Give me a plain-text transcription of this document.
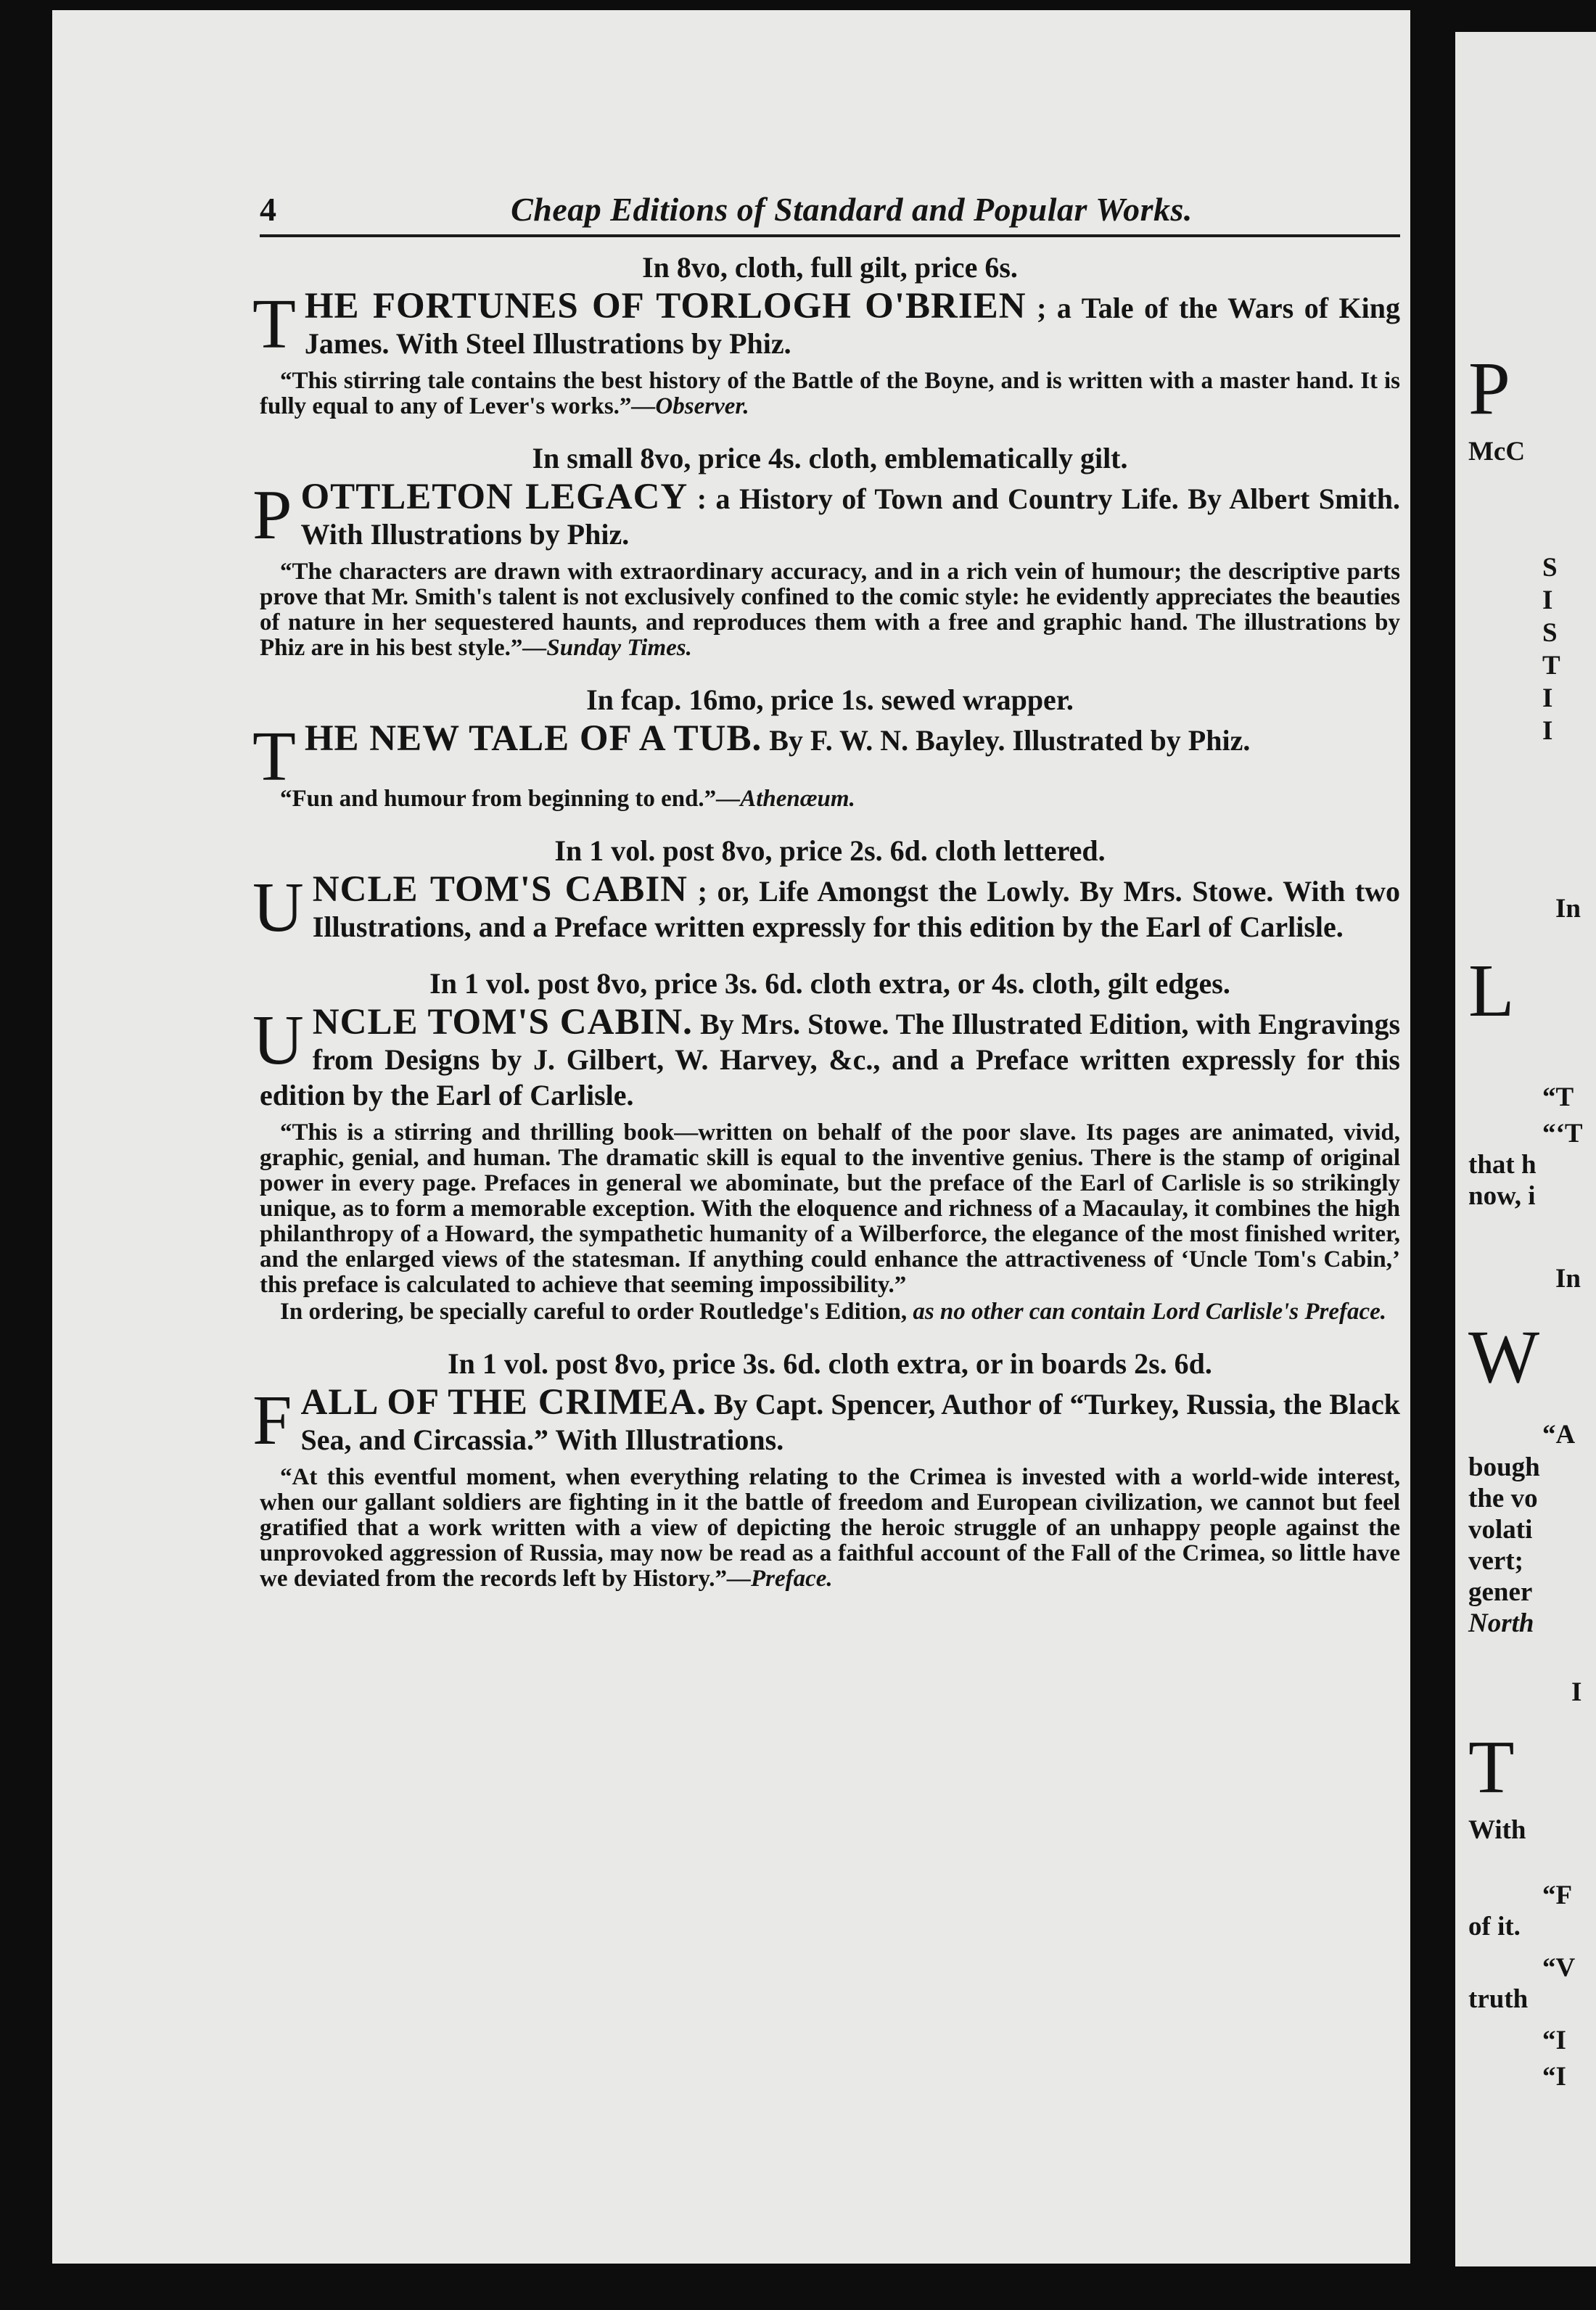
4	Cheap Editions of Standard and Popular Works.
In 8vo, cloth, full gilt, price 6s.
T HE FORTUNES OF TORLOGH O'BRIEN ; a Tale of the Wars of King James. With Steel Illustrations by Phiz.
“This stirring tale contains the best history of the Battle of the Boyne, and is written with a master hand. It is fully equal to any of Lever's works.”—Observer.
In small 8vo, price 4s. cloth, emblematically gilt.
P OTTLETON LEGACY : a History of Town and Country Life. By Albert Smith. With Illustrations by Phiz.
“The characters are drawn with extraordinary accuracy, and in a rich vein of humour; the descriptive parts prove that Mr. Smith's talent is not exclusively confined to the comic style: he evidently appreciates the beauties of nature in her sequestered haunts, and reproduces them with a free and graphic hand. The illustrations by Phiz are in his best style.”—Sunday Times.
In fcap. 16mo, price 1s. sewed wrapper.
T HE NEW TALE OF A TUB. By F. W. N. Bayley. Illustrated by Phiz.
“Fun and humour from beginning to end.”—Athenæum.
In 1 vol. post 8vo, price 2s. 6d. cloth lettered.
U NCLE TOM'S CABIN ; or, Life Amongst the Lowly. By Mrs. Stowe. With two Illustrations, and a Preface written expressly for this edition by the Earl of Carlisle.
In 1 vol. post 8vo, price 3s. 6d. cloth extra, or 4s. cloth, gilt edges.
U NCLE TOM'S CABIN. By Mrs. Stowe. The Illustrated Edition, with Engravings from Designs by J. Gilbert, W. Harvey, &c., and a Preface written expressly for this edition by the Earl of Carlisle.
“This is a stirring and thrilling book—written on behalf of the poor slave. Its pages are animated, vivid, graphic, genial, and human. The dramatic skill is equal to the inventive genius. There is the stamp of original power in every page. Prefaces in general we abominate, but the preface of the Earl of Carlisle is so strikingly unique, as to form a memorable exception. With the eloquence and richness of a Macaulay, it combines the high philanthropy of a Howard, the sympathetic humanity of a Wilberforce, the elegance of the most finished writer, and the enlarged views of the statesman. If anything could enhance the attractiveness of ‘Uncle Tom's Cabin,’ this preface is calculated to achieve that seeming impossibility.”
In ordering, be specially careful to order Routledge's Edition, as no other can contain Lord Carlisle's Preface.
In 1 vol. post 8vo, price 3s. 6d. cloth extra, or in boards 2s. 6d.
F ALL OF THE CRIMEA. By Capt. Spencer, Author of “Turkey, Russia, the Black Sea, and Circassia.” With Illustrations.
“At this eventful moment, when everything relating to the Crimea is invested with a world-wide interest, when our gallant soldiers are fighting in it the battle of freedom and European civilization, we cannot but feel gratified that a work written with a view of depicting the heroic struggle of an unhappy people against the unprovoked aggression of Russia, may now be read as a faithful account of the Fall of the Crimea, so little have we deviated from the records left by History.”—Preface.
P
McC
S
I
S
T
I
I
In
L
“T
“‘T
that h
now, i
In
W
“A
bough
the vo
volati
vert;
gener
North
I
T
With
“F
of it.
“V
truth
“I
“I
